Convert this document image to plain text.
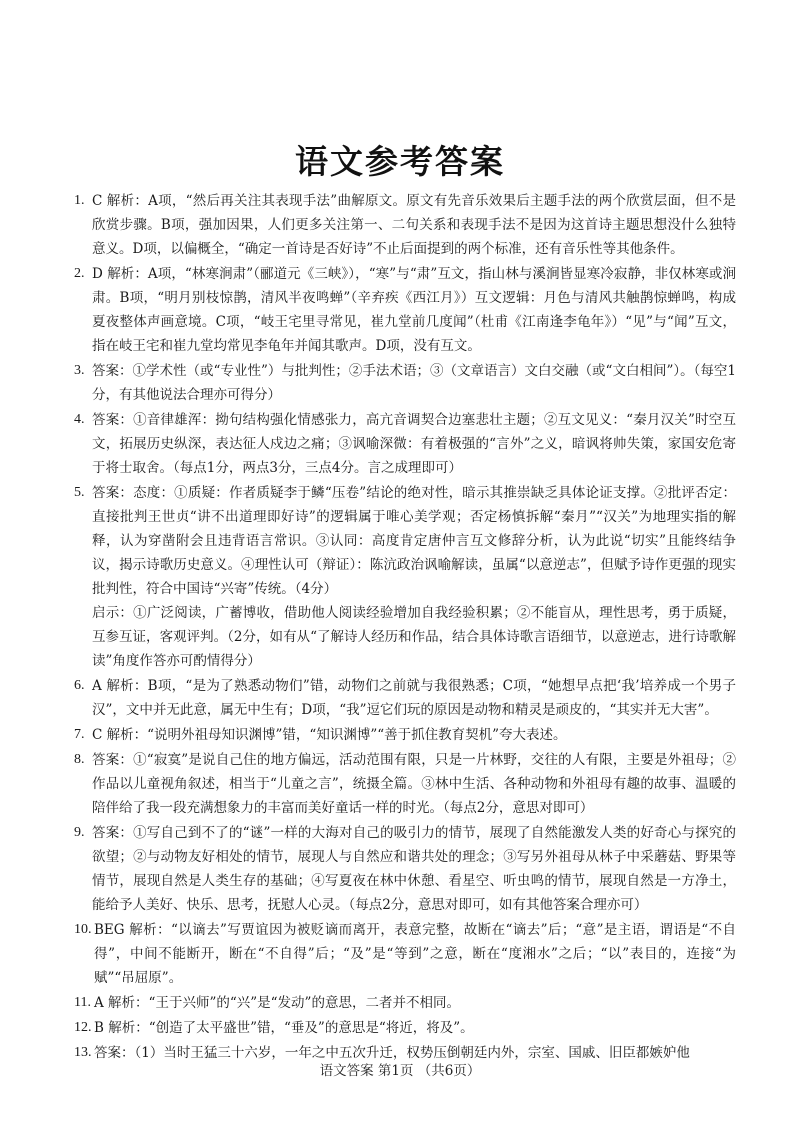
语文参考答案
1. C 解析：A项，“然后再关注其表现手法”曲解原文。原文有先音乐效果后主题手法的两个欣赏层面，但不是欣赏步骤。B项，强加因果，人们更多关注第一、二句关系和表现手法不是因为这首诗主题思想没什么独特意义。D项，以偏概全，“确定一首诗是否好诗”不止后面提到的两个标准，还有音乐性等其他条件。
2. D 解析：A项，“林寒涧肃”（郦道元《三峡》），“寒”与“肃”互文，指山林与溪涧皆显寒冷寂静，非仅林寒或涧肃。B项，“明月别枝惊鹊，清风半夜鸣蝉”（辛弃疾《西江月》）互文逻辑：月色与清风共触鹊惊蝉鸣，构成夏夜整体声画意境。C项，“岐王宅里寻常见，崔九堂前几度闻”（杜甫《江南逢李龟年》）“见”与“闻”互文，指在岐王宅和崔九堂均常见李龟年并闻其歌声。D项，没有互文。
3. 答案：①学术性（或“专业性”）与批判性；②手法术语；③（文章语言）文白交融（或“文白相间”）。（每空1分，有其他说法合理亦可得分）
4. 答案：①音律雄浑：拗句结构强化情感张力，高亢音调契合边塞悲壮主题；②互文见义：“秦月汉关”时空互文，拓展历史纵深，表达征人戍边之痛；③讽喻深微：有着极强的“言外”之义，暗讽将帅失策，家国安危寄于将士取舍。（每点1分，两点3分，三点4分。言之成理即可）
5. 答案：态度：①质疑：作者质疑李于鳞“压卷”结论的绝对性，暗示其推崇缺乏具体论证支撑。②批评否定：直接批判王世贞“讲不出道理即好诗”的逻辑属于唯心美学观；否定杨慎拆解“秦月”“汉关”为地理实指的解释，认为穿凿附会且违背语言常识。③认同：高度肯定唐仲言互文修辞分析，认为此说“切实”且能终结争议，揭示诗歌历史意义。④理性认可（辩证）：陈沆政治讽喻解读，虽属“以意逆志”，但赋予诗作更强的现实批判性，符合中国诗“兴寄”传统。（4分）
启示：①广泛阅读，广蓄博收，借助他人阅读经验增加自我经验积累；②不能盲从，理性思考，勇于质疑，互参互证，客观评判。（2分，如有从“了解诗人经历和作品，结合具体诗歌言语细节，以意逆志，进行诗歌解读”角度作答亦可酌情得分）
6. A 解析：B项，“是为了熟悉动物们”错，动物们之前就与我很熟悉；C项，“她想早点把‘我’培养成一个男子汉”，文中并无此意，属无中生有；D项，“我”逗它们玩的原因是动物和精灵是顽皮的，“其实并无大害”。
7. C 解析：“说明外祖母知识渊博”错，“知识渊博”“善于抓住教育契机”夸大表述。
8. 答案：①“寂寞”是说自己住的地方偏远，活动范围有限，只是一片林野，交往的人有限，主要是外祖母；②作品以儿童视角叙述，相当于“儿童之言”，统摄全篇。③林中生活、各种动物和外祖母有趣的故事、温暖的陪伴给了我一段充满想象力的丰富而美好童话一样的时光。（每点2分，意思对即可）
9. 答案：①写自己到不了的“谜”一样的大海对自己的吸引力的情节，展现了自然能激发人类的好奇心与探究的欲望；②与动物友好相处的情节，展现人与自然应和谐共处的理念；③写另外祖母从林子中采蘑菇、野果等情节，展现自然是人类生存的基础；④写夏夜在林中休憩、看星空、听虫鸣的情节，展现自然是一方净土，能给予人美好、快乐、思考，抚慰人心灵。（每点2分，意思对即可，如有其他答案合理亦可）
10. BEG 解析：“以谪去”写贾谊因为被贬谪而离开，表意完整，故断在“谪去”后；“意”是主语，谓语是“不自得”，中间不能断开，断在“不自得”后；“及”是“等到”之意，断在“度湘水”之后；“以”表目的，连接“为赋”“吊屈原”。
11. A 解析：“王于兴师”的“兴”是“发动”的意思，二者并不相同。
12. B 解析：“创造了太平盛世”错，“垂及”的意思是“将近，将及”。
13. 答案：（1）当时王猛三十六岁，一年之中五次升迁，权势压倒朝廷内外，宗室、国戚、旧臣都嫉妒他
语文答案 第1页 （共6页）
